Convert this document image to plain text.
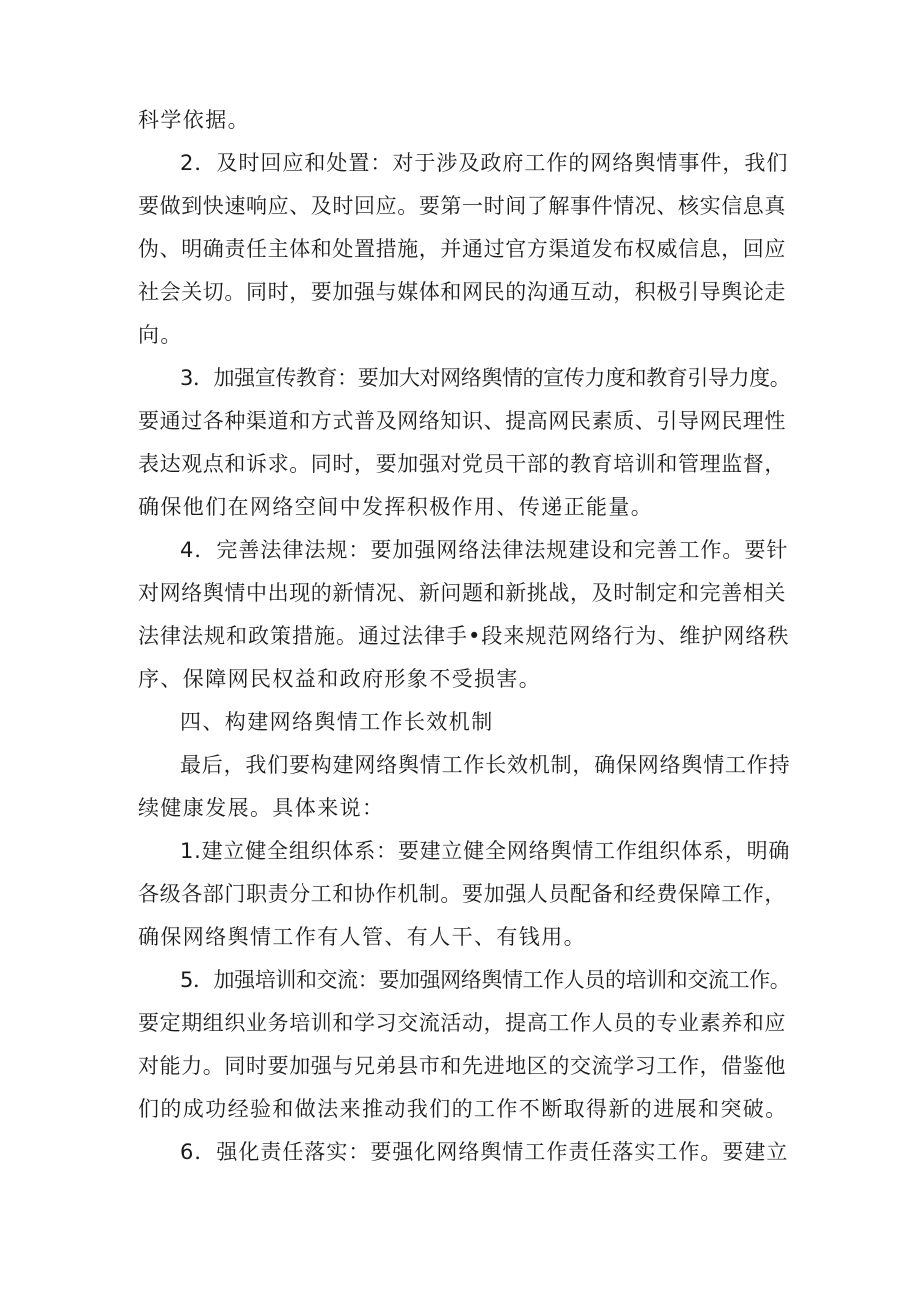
科学依据。

2．及时回应和处置：对于涉及政府工作的网络舆情事件，我们

要做到快速响应、及时回应。要第一时间了解事件情况、核实信息真

伪、明确责任主体和处置措施，并通过官方渠道发布权威信息，回应

社会关切。同时，要加强与媒体和网民的沟通互动，积极引导舆论走

向。

3．加强宣传教育：要加大对网络舆情的宣传力度和教育引导力度。

要通过各种渠道和方式普及网络知识、提高网民素质、引导网民理性

表达观点和诉求。同时，要加强对党员干部的教育培训和管理监督，

确保他们在网络空间中发挥积极作用、传递正能量。

4．完善法律法规：要加强网络法律法规建设和完善工作。要针

对网络舆情中出现的新情况、新问题和新挑战，及时制定和完善相关

法律法规和政策措施。通过法律手•段来规范网络行为、维护网络秩

序、保障网民权益和政府形象不受损害。

四、构建网络舆情工作长效机制

最后，我们要构建网络舆情工作长效机制，确保网络舆情工作持

续健康发展。具体来说：

1.建立健全组织体系：要建立健全网络舆情工作组织体系，明确

各级各部门职责分工和协作机制。要加强人员配备和经费保障工作，

确保网络舆情工作有人管、有人干、有钱用。

5．加强培训和交流：要加强网络舆情工作人员的培训和交流工作。

要定期组织业务培训和学习交流活动，提高工作人员的专业素养和应

对能力。同时要加强与兄弟县市和先进地区的交流学习工作，借鉴他

们的成功经验和做法来推动我们的工作不断取得新的进展和突破。

6．强化责任落实：要强化网络舆情工作责任落实工作。要建立
